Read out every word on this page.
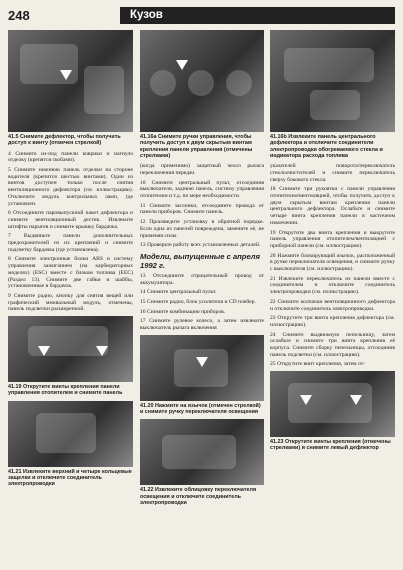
248	Кузов
41.5 Снимите дефлектор, чтобы получить доступ к винту (отмечен стрелкой)

4 Снимите из-под панели коврики и нагнуло отделку (крепятся скобами).

5 Снимите нижнюю панель отделки на стороне водителя (крепится шестью винтами). Один из винтов доступен только после снятия вентиляционного дефлектора (см. иллюстрацию). Отключите модуль контрольных ламп, где установлен.

6 Отсоедините паровыпускной пакет дефлектора и снимите вентиляционный дестик. Извлеките штифты нарыгев и снимите крышку бардачка.

7 Выдвиньте панели дополнительных предохранителей из их креплений и снимите подсветку бардачка (где установлена).

8 Снимите электронные блоки ABS и систему управления зажиганием (на карбюраторных моделях) (ESC) вместе с блоком топлива (EEC) (Раздел 13). Снимите две гайки и шайбы, установленные в бардачок.

9 Снимите радио, кнопку для снятия вещей или графический межвальный модуль, отмечены, панель подсветки расширенной.

41.19 Открутите винты крепления панели управления отопителем и снимите панель
41.21 Извлеките верхний и четыре кольцевые защелки и отключите соединитель электропроводки
41.16а Снимите ручки управления, чтобы получить доступ к двум скрытым винтам крепления панели управления (отмечены стрелками)

(когда применимо) защитный чехол рычага переключения передач.

10 Снимите центральный пульт, отсоединив выключатели, заднюю панель, систему управления отопителем и т.д. по мере необходимости.

11 Снимите заслонки, отсоедините провода от панели приборов. Снимите панель.

12 Произведите установку в обратной порядке. Если одна из панелей повреждена, замените её, не применяя силы.

13 Проверьте работу всех установленных деталей.

Модели, выпущенные с апреля 1992 г.

13 Отсоедините отрицательный провод от аккумулятора.

14 Снимите центральный пульт.

15 Снимите радио, блок усилителя и CD плейер.

16 Снимите комбинацию приборов.

17 Снимите рулевое колесо, а затем извлеките выключатель рычага включения

41.20 Нажмите на язычок (отмечен стрелкой) и снимите ручку переключателя освещения
41.22 Извлеките облицовку переключателя освещения и отключите соединитель электропроводки
41.16b Извлеките панель центрального дефлектора и отключите соединители электропроводки обогреваемого стекла и индикатора расхода топлива

указателей поворота/переключатель стеклоочистителей и снимите переключатель сверху бокового стекла.

18 Снимите три рукоятки с панели управления отопителем/вентиляцией, чтобы получить доступ к двум скрытым винтам крепления панели центрального дефлектора. Ослабьте и снимите четыре винта крепления панели в частичном извлечении.

19 Открутите два винта крепления и выкрутите панель управления отопителем/вентиляцией с приборной панели (см. иллюстрацию).

20 Нажмите блокирующий язычок, расположенный в ручке переключателя освещения, и снимите ручку с выключателя (см. иллюстрацию).

21 Извлеките переключатель из панели вместе с соединителем и отключите соединитель электропроводки (см. иллюстрацию).

22 Снимите колпачки вентиляционного дефлектора и отключите соединитель электропроводки.

23 Открутите три винта крепления дефлектора (см. иллюстрацию).

24 Снимите выдвижную пепельницу, затем ослабьте и снимите три винта крепления её корпуса. Снимите сборку пепельницы, отсоединив панель подсветки (см. иллюстрацию).

25 Открутите винт крепления, затем от-

41.23 Открутите винты крепления (отмечены стрелками) и снимите левый дефлектор
